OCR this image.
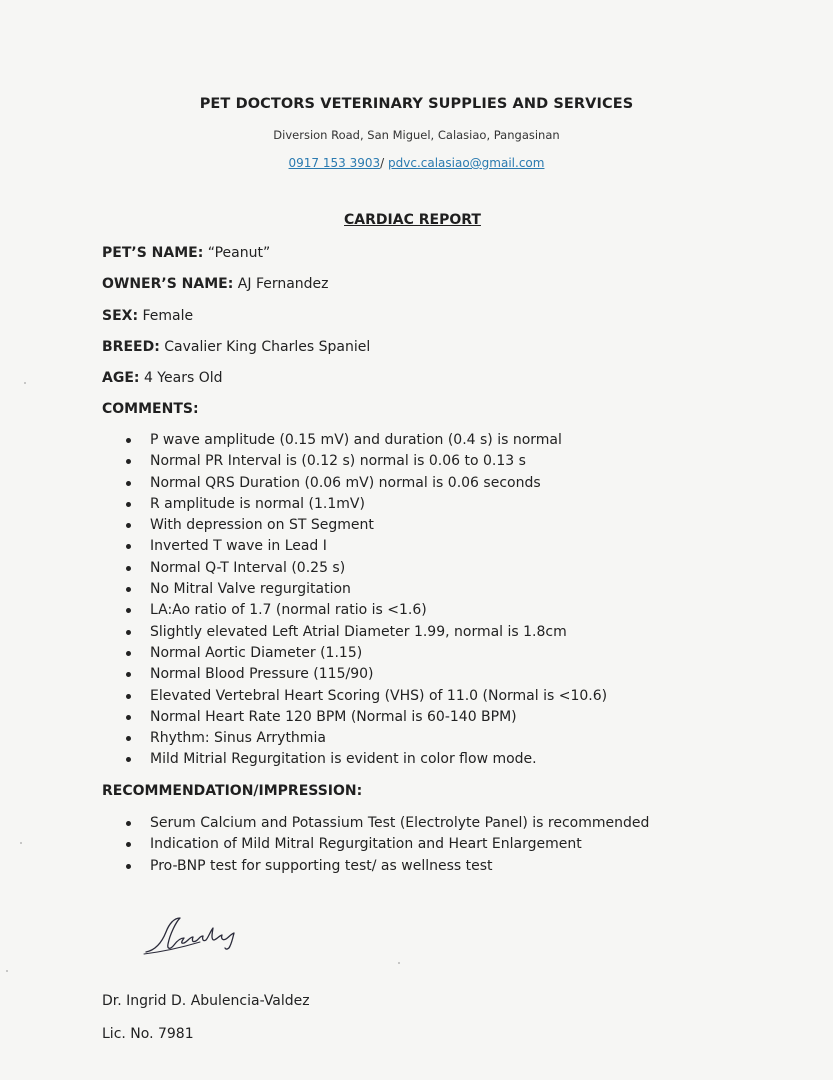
PET DOCTORS VETERINARY SUPPLIES AND SERVICES
Diversion Road, San Miguel, Calasiao, Pangasinan
0917 153 3903/ pdvc.calasiao@gmail.com
CARDIAC REPORT
PET’S NAME: “Peanut”
OWNER’S NAME: AJ Fernandez
SEX: Female
BREED: Cavalier King Charles Spaniel
AGE: 4 Years Old
COMMENTS:
P wave amplitude (0.15 mV) and duration (0.4 s) is normal
Normal PR Interval is (0.12 s) normal is 0.06 to 0.13 s
Normal QRS Duration (0.06 mV) normal is 0.06 seconds
R amplitude is normal (1.1mV)
With depression on ST Segment
Inverted T wave in Lead I
Normal Q-T Interval (0.25 s)
No Mitral Valve regurgitation
LA:Ao ratio of 1.7 (normal ratio is <1.6)
Slightly elevated Left Atrial Diameter 1.99, normal is 1.8cm
Normal Aortic Diameter (1.15)
Normal Blood Pressure (115/90)
Elevated Vertebral Heart Scoring (VHS) of 11.0 (Normal is <10.6)
Normal Heart Rate 120 BPM (Normal is 60-140 BPM)
Rhythm: Sinus Arrythmia
Mild Mitrial Regurgitation is evident in color flow mode.
RECOMMENDATION/IMPRESSION:
Serum Calcium and Potassium Test (Electrolyte Panel) is recommended
Indication of Mild Mitral Regurgitation and Heart Enlargement
Pro-BNP test for supporting test/ as wellness test
Dr. Ingrid D. Abulencia-Valdez
Lic. No. 7981
